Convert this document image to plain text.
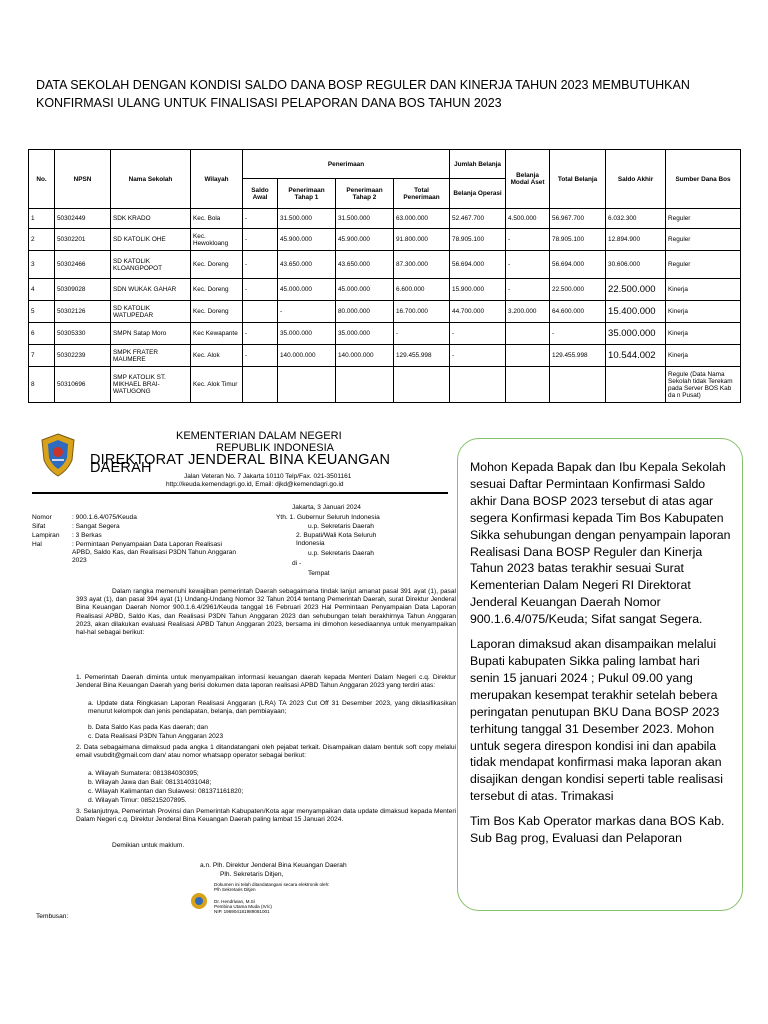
DATA SEKOLAH DENGAN KONDISI SALDO DANA BOSP REGULER DAN KINERJA TAHUN 2023 MEMBUTUHKAN KONFIRMASI ULANG UNTUK FINALISASI PELAPORAN DANA BOS TAHUN 2023
No.	NPSN	Nama Sekolah	Wilayah	Penerimaan				Jumlah Belanja	Belanja Modal Aset	Total Belanja	Saldo Akhir	Sumber Dana Bos
				Saldo Awal	Penerimaan Tahap 1	Penerimaan Tahap 2	Total Penerimaan	Belanja Operasi				
1	50302449	SDK KRADO	Kec. Bola	-	31.500.000	31.500.000	63.000.000	52.467.700	4.500.000	56.967.700	6.032.300	Reguler
2	50302201	SD KATOLIK OHE	Kec. Hewokloang	-	45.900.000	45.900.000	91.800.000	78.905.100	-	78.905.100	12.894.900	Reguler
3	50302466	SD KATOLIK KLOANGPOPOT	Kec. Doreng	-	43.650.000	43.650.000	87.300.000	56.694.000	-	56.694.000	30.606.000	Reguler
4	50309028	SDN WUKAK GAHAR	Kec. Doreng	-	45.000.000	45.000.000	6.600.000	15.900.000	-	22.500.000	22.500.000	Kinerja
5	50302126	SD KATOLIK WATUPEDAR	Kec. Doreng		-	80.000.000	16.700.000	44.700.000	3.200.000	64.600.000	15.400.000	Kinerja
6	50305330	SMPN Satap Moro	Kec Kewapante	-	35.000.000	35.000.000	-	-		-	35.000.000	Kinerja
7	50302239	SMPK FRATER MAUMERE	Kec. Alok	-	140.000.000	140.000.000	129.455.998	-		129.455.998	10.544.002	Kinerja
8	50310696	SMP KATOLIK ST. MIKHAEL BRAI-WATUGONG	Kec. Alok Timur									Regule (Data Nama Sekolah tidak Terekam pada Server BOS Kab da n Pusat)
KEMENTERIAN DALAM NEGERI
REPUBLIK INDONESIA
DIREKTORAT JENDERAL BINA KEUANGAN DAERAH
Jalan Veteran No. 7 Jakarta 10110 Telp/Fax. 021-3501161
http://keuda.kemendagri.go.id, Email: djkd@kemendagri.go.id
Jakarta, 3 Januari 2024
Nomor	: 900.1.6.4/075/Keuda
Sifat	: Sangat Segera
Lampiran : 3 Berkas
Hal	: Permintaan Penyampaian Data Laporan Realisasi APBD, Saldo Kas, dan Realisasi P3DN Tahun Anggaran 2023
Yth. 1. Gubernur Seluruh Indonesia
u.p. Sekretaris Daerah
2. Bupati/Wali Kota Seluruh Indonesia
u.p. Sekretaris Daerah
di -
Tempat

Dalam rangka memenuhi kewajiban pemerintah Daerah sebagaimana tindak lanjut amanat pasal 391 ayat (1), pasal 393 ayat (1), dan pasal 394 ayat (1) Undang-Undang Nomor 32 Tahun 2014 tentang Pemerintah Daerah, surat Direktur Jenderal Bina Keuangan Daerah Nomor 900.1.6.4/2961/Keuda tanggal 16 Februari 2023 Hal Permintaan Penyampaian Data Laporan Realisasi APBD, Saldo Kas, dan Realisasi P3DN Tahun Anggaran 2023 dan sehubungan telah berakhirnya Tahun Anggaran 2023, akan dilakukan evaluasi Realisasi APBD Tahun Anggaran 2023, bersama ini dimohon kesediaannya untuk menyampaikan hal-hal sebagai berikut:

1. Pemerintah Daerah diminta untuk menyampaikan informasi keuangan daerah kepada Menteri Dalam Negeri c.q. Direktur Jenderal Bina Keuangan Daerah yang berisi dokumen data laporan realisasi APBD Tahun Anggaran 2023 yang terdiri atas:

a. Update data Ringkasan Laporan Realisasi Anggaran (LRA) TA 2023 Cut Off 31 Desember 2023, yang diklasifikasikan menurut kelompok dan jenis pendapatan, belanja, dan pembiayaan;

b. Data Saldo Kas pada Kas daerah; dan

c. Data Realisasi P3DN Tahun Anggaran 2023

2. Data sebagaimana dimaksud pada angka 1 ditandatangani oleh pejabat terkait. Disampaikan dalam bentuk soft copy melalui email vsubdit@gmail.com dan/ atau nomor whatsapp operator sebagai berikut:

a. Wilayah Sumatera: 081384030395;

b. Wilayah Jawa dan Bali: 081314031048;

c. Wilayah Kalimantan dan Sulawesi: 081371161820;

d. Wilayah Timur: 085215207895.

3. Selanjutnya, Pemerintah Provinsi dan Pemerintah Kabupaten/Kota agar menyampaikan data update dimaksud kepada Menteri Dalam Negeri c.q. Direktur Jenderal Bina Keuangan Daerah paling lambat 15 Januari 2024.

Demikian untuk maklum.

a.n. Plh. Direktur Jenderal Bina Keuangan Daerah
Plh. Sekretaris Ditjen,
Dokumen ini telah ditandatangani secara elektronik oleh:
Plh Sekretaris Ditjen
Dr. Hendriwan, M.Si
Pembina Utama Muda (IV/c)
NIP. 196904181989081001
Tembusan:

Mohon Kepada Bapak dan Ibu Kepala Sekolah sesuai Daftar Permintaan Konfirmasi Saldo akhir Dana BOSP 2023 tersebut di atas agar segera Konfirmasi kepada Tim Bos Kabupaten Sikka sehubungan dengan penyampain laporan Realisasi Dana BOSP Reguler dan Kinerja Tahun 2023 batas terakhir sesuai Surat Kementerian Dalam Negeri RI Direktorat Jenderal Keuangan Daerah Nomor 900.1.6.4/075/Keuda; Sifat sangat Segera.

Laporan dimaksud akan disampaikan melalui Bupati kabupaten Sikka paling lambat hari senin 15 januari 2024 ; Pukul 09.00 yang merupakan kesempat terakhir setelah bebera peringatan penutupan BKU Dana BOSP 2023 terhitung tanggal 31 Desember 2023. Mohon untuk segera direspon kondisi ini dan apabila tidak mendapat konfirmasi maka laporan akan disajikan dengan kondisi seperti table realisasi tersebut di atas. Trimakasi

Tim Bos Kab Operator markas dana BOS Kab. Sub Bag prog, Evaluasi dan Pelaporan
